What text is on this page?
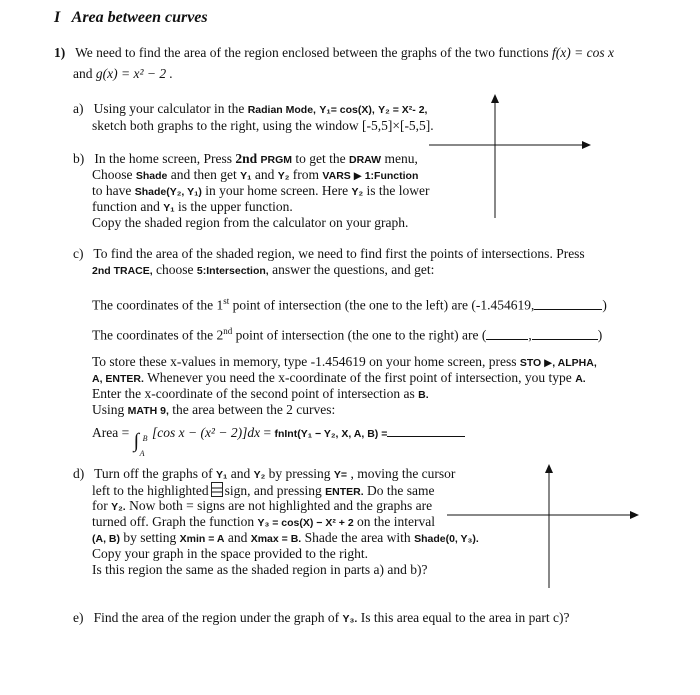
I Area between curves
1) We need to find the area of the region enclosed between the graphs of the two functions f(x) = cos x
and g(x) = x² − 2 .
a) Using your calculator in the Radian Mode, Y₁= cos(X), Y₂ = X²- 2,
sketch both graphs to the right, using the window [-5,5]×[-5,5].
b) In the home screen, Press 2nd PRGM to get the DRAW menu,
Choose Shade and then get Y₁ and Y₂ from VARS ▶ 1:Function
to have Shade(Y₂, Y₁) in your home screen. Here Y₂ is the lower
function and Y₁ is the upper function.
Copy the shaded region from the calculator on your graph.
c) To find the area of the shaded region, we need to find first the points of intersections. Press
2nd TRACE, choose 5:Intersection, answer the questions, and get:
The coordinates of the 1st point of intersection (the one to the left) are (-1.454619,	)
The coordinates of the 2nd point of intersection (the one to the right) are (	,	)
To store these x-values in memory, type -1.454619 on your home screen, press STO ▶, ALPHA,
A, ENTER. Whenever you need the x-coordinate of the first point of intersection, you type A.
Enter the x-coordinate of the second point of intersection as B.
Using MATH 9, the area between the 2 curves:
Area = ∫ B
A
[cos x − (x² − 2)]dx = fnInt(Y₁ − Y₂, X, A, B) =
d) Turn off the graphs of Y₁ and Y₂ by pressing Y= , moving the cursor
left to the highlighted sign, and pressing ENTER. Do the same
for Y₂. Now both = signs are not highlighted and the graphs are
turned off. Graph the function Y₃ = cos(X) − X² + 2 on the interval
(A, B) by setting Xmin = A and Xmax = B. Shade the area with Shade(0, Y₃).
Copy your graph in the space provided to the right.
Is this region the same as the shaded region in parts a) and b)?
e) Find the area of the region under the graph of Y₃. Is this area equal to the area in part c)?
